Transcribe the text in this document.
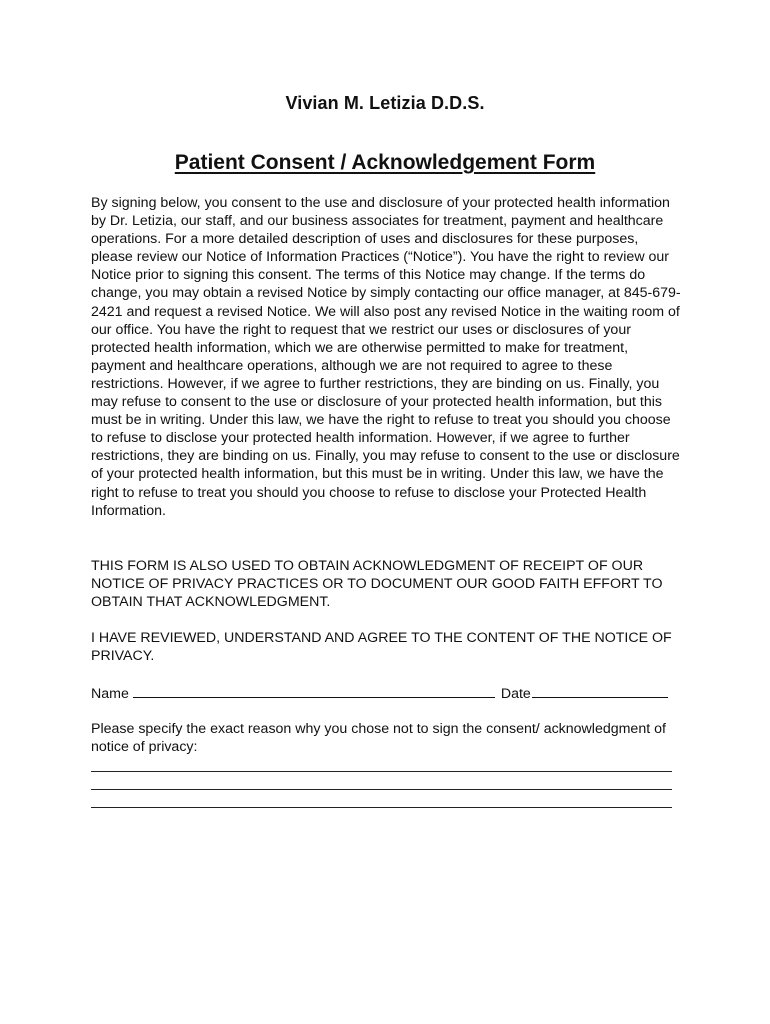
Vivian M. Letizia D.D.S.
Patient Consent / Acknowledgement Form

By signing below, you consent to the use and disclosure of your protected health information by Dr. Letizia, our staff, and our business associates for treatment, payment and healthcare operations. For a more detailed description of uses and disclosures for these purposes, please review our Notice of Information Practices (“Notice”). You have the right to review our Notice prior to signing this consent. The terms of this Notice may change. If the terms do change, you may obtain a revised Notice by simply contacting our office manager, at 845-679-2421 and request a revised Notice. We will also post any revised Notice in the waiting room of our office. You have the right to request that we restrict our uses or disclosures of your protected health information, which we are otherwise permitted to make for treatment, payment and healthcare operations, although we are not required to agree to these restrictions. However, if we agree to further restrictions, they are binding on us. Finally, you may refuse to consent to the use or disclosure of your protected health information, but this must be in writing. Under this law, we have the right to refuse to treat you should you choose to refuse to disclose your protected health information. However, if we agree to further restrictions, they are binding on us. Finally, you may refuse to consent to the use or disclosure of your protected health information, but this must be in writing. Under this law, we have the right to refuse to treat you should you choose to refuse to disclose your Protected Health Information.

THIS FORM IS ALSO USED TO OBTAIN ACKNOWLEDGMENT OF RECEIPT OF OUR NOTICE OF PRIVACY PRACTICES OR TO DOCUMENT OUR GOOD FAITH EFFORT TO OBTAIN THAT ACKNOWLEDGMENT.

I HAVE REVIEWED, UNDERSTAND AND AGREE TO THE CONTENT OF THE NOTICE OF PRIVACY.

Name	Date

Please specify the exact reason why you chose not to sign the consent/ acknowledgment of notice of privacy:
